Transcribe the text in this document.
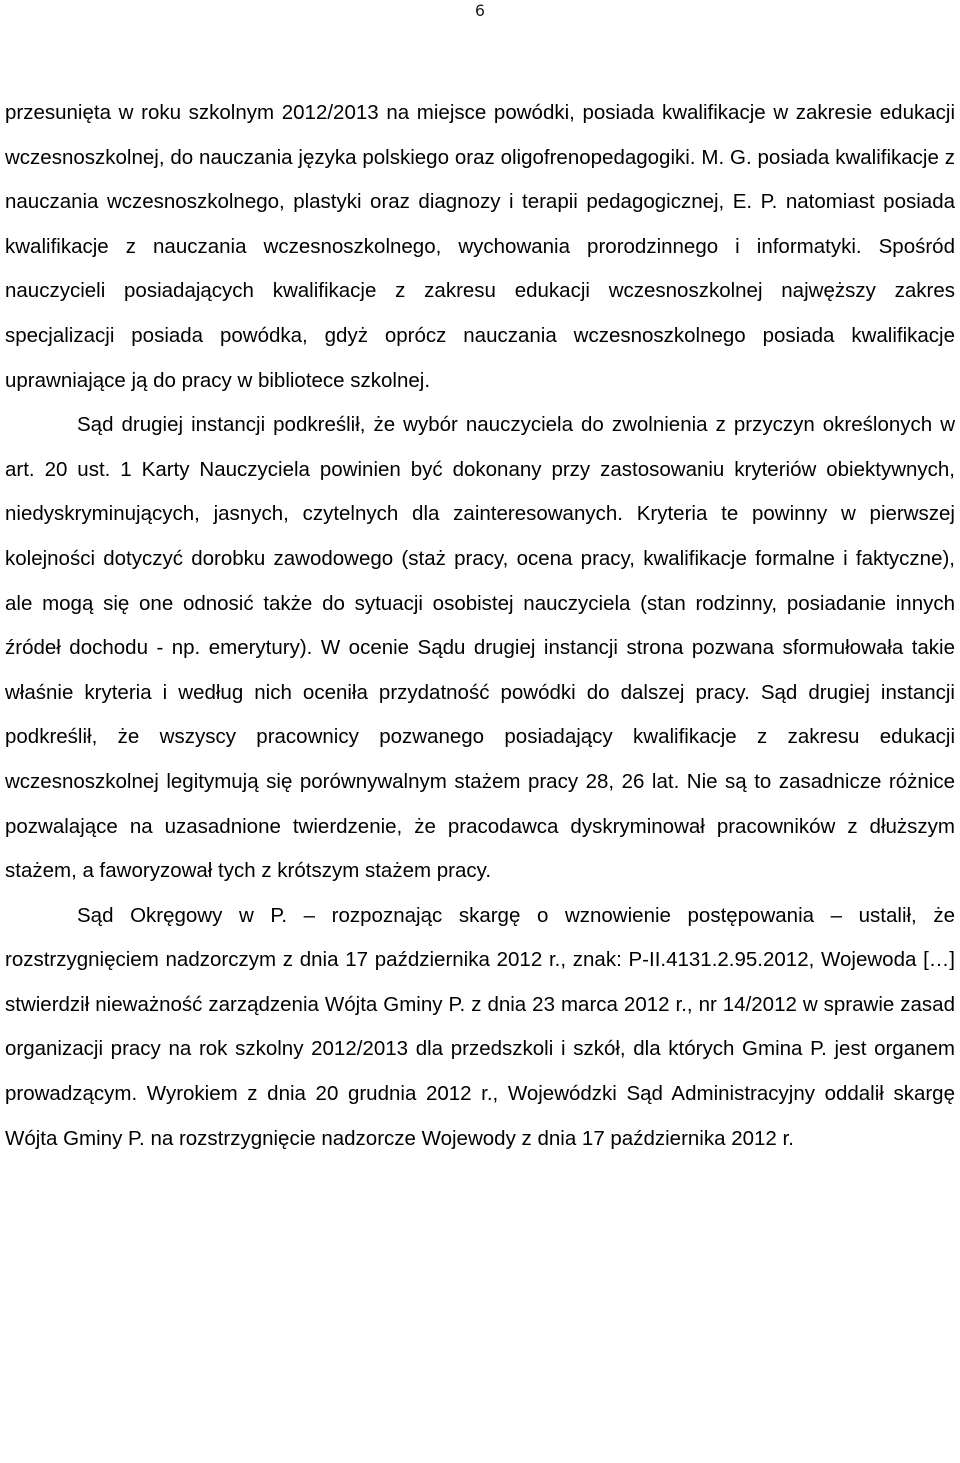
6

przesunięta w roku szkolnym 2012/2013 na miejsce powódki, posiada kwalifikacje w zakresie edukacji wczesnoszkolnej, do nauczania języka polskiego oraz oligofrenopedagogiki. M. G. posiada kwalifikacje z nauczania wczesnoszkolnego, plastyki oraz diagnozy i terapii pedagogicznej, E. P. natomiast posiada kwalifikacje z nauczania wczesnoszkolnego, wychowania prorodzinnego i informatyki. Spośród nauczycieli posiadających kwalifikacje z zakresu edukacji wczesnoszkolnej najwęższy zakres specjalizacji posiada powódka, gdyż oprócz nauczania wczesnoszkolnego posiada kwalifikacje uprawniające ją do pracy w bibliotece szkolnej.

Sąd drugiej instancji podkreślił, że wybór nauczyciela do zwolnienia z przyczyn określonych w art. 20 ust. 1 Karty Nauczyciela powinien być dokonany przy zastosowaniu kryteriów obiektywnych, niedyskryminujących, jasnych, czytelnych dla zainteresowanych. Kryteria te powinny w pierwszej kolejności dotyczyć dorobku zawodowego (staż pracy, ocena pracy, kwalifikacje formalne i faktyczne), ale mogą się one odnosić także do sytuacji osobistej nauczyciela (stan rodzinny, posiadanie innych źródeł dochodu - np. emerytury). W ocenie Sądu drugiej instancji strona pozwana sformułowała takie właśnie kryteria i według nich oceniła przydatność powódki do dalszej pracy. Sąd drugiej instancji podkreślił, że wszyscy pracownicy pozwanego posiadający kwalifikacje z zakresu edukacji wczesnoszkolnej legitymują się porównywalnym stażem pracy 28, 26 lat. Nie są to zasadnicze różnice pozwalające na uzasadnione twierdzenie, że pracodawca dyskryminował pracowników z dłuższym stażem, a faworyzował tych z krótszym stażem pracy.

Sąd Okręgowy w P. – rozpoznając skargę o wznowienie postępowania – ustalił, że rozstrzygnięciem nadzorczym z dnia 17 października 2012 r., znak: P-II.4131.2.95.2012, Wojewoda […] stwierdził nieważność zarządzenia Wójta Gminy P. z dnia 23 marca 2012 r., nr 14/2012 w sprawie zasad organizacji pracy na rok szkolny 2012/2013 dla przedszkoli i szkół, dla których Gmina P. jest organem prowadzącym. Wyrokiem z dnia 20 grudnia 2012 r., Wojewódzki Sąd Administracyjny oddalił skargę Wójta Gminy P. na rozstrzygnięcie nadzorcze Wojewody z dnia 17 października 2012 r.
